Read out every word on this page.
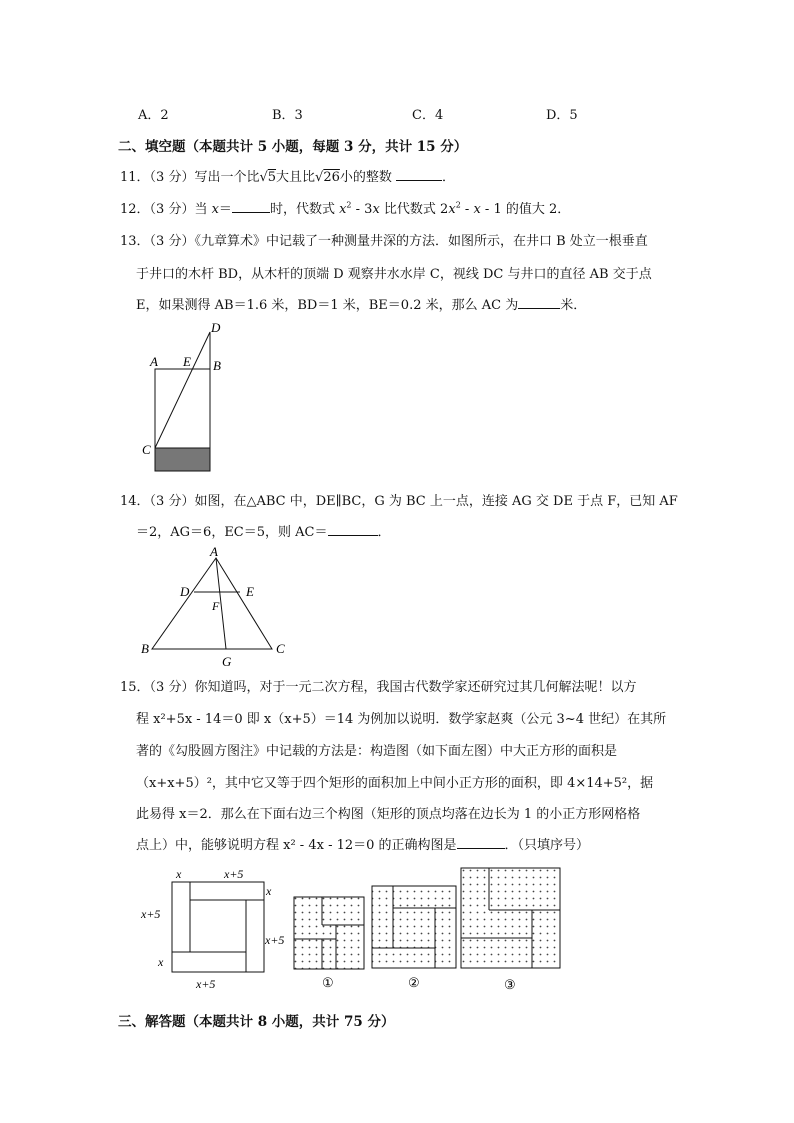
A．2	B．3	C．4	D．5
二、填空题（本题共计 5 小题，每题 3 分，共计 15 分）
11．（3 分）写出一个比√5大且比√26小的整数	．
12．（3 分）当 x＝	时，代数式 $x^2 - 3x$ 比代数式 $2x^2$ - x - 1 的值大 2．
13．（3 分）《九章算术》中记载了一种测量井深的方法．如图所示，在井口 B 处立一根垂直
于井口的木杆 BD，从木杆的顶端 D 观察井水水岸 C，视线 DC 与井口的直径 AB 交于点
E，如果测得 AB＝1.6 米，BD＝1 米，BE＝0.2 米，那么 AC 为	米．
A E B
D
C
14．（3 分）如图，在△ABC 中，DE∥BC，G 为 BC 上一点，连接 AG 交 DE 于点 F，已知 AF
＝2，AG＝6，EC＝5，则 AC＝	．
A
D	E
F
B	C
G
15．（3 分）你知道吗，对于一元二次方程，我国古代数学家还研究过其几何解法呢！以方
程 x²+5x - 14＝0 即 x（x+5）＝14 为例加以说明．数学家赵爽（公元 3~4 世纪）在其所
著的《勾股圆方图注》中记载的方法是：构造图（如下面左图）中大正方形的面积是
（x+x+5）²，其中它又等于四个矩形的面积加上中间小正方形的面积，即 4×14+5²，据
此易得 x＝2．那么在下面右边三个构图（矩形的顶点均落在边长为 1 的小正方形网格格
点上）中，能够说明方程 x² - 4x - 12＝0 的正确构图是	．（只填序号）
x	x+5
x+5
x
x
x+5
x+5	①	②	③
三、解答题（本题共计 8 小题，共计 75 分）
